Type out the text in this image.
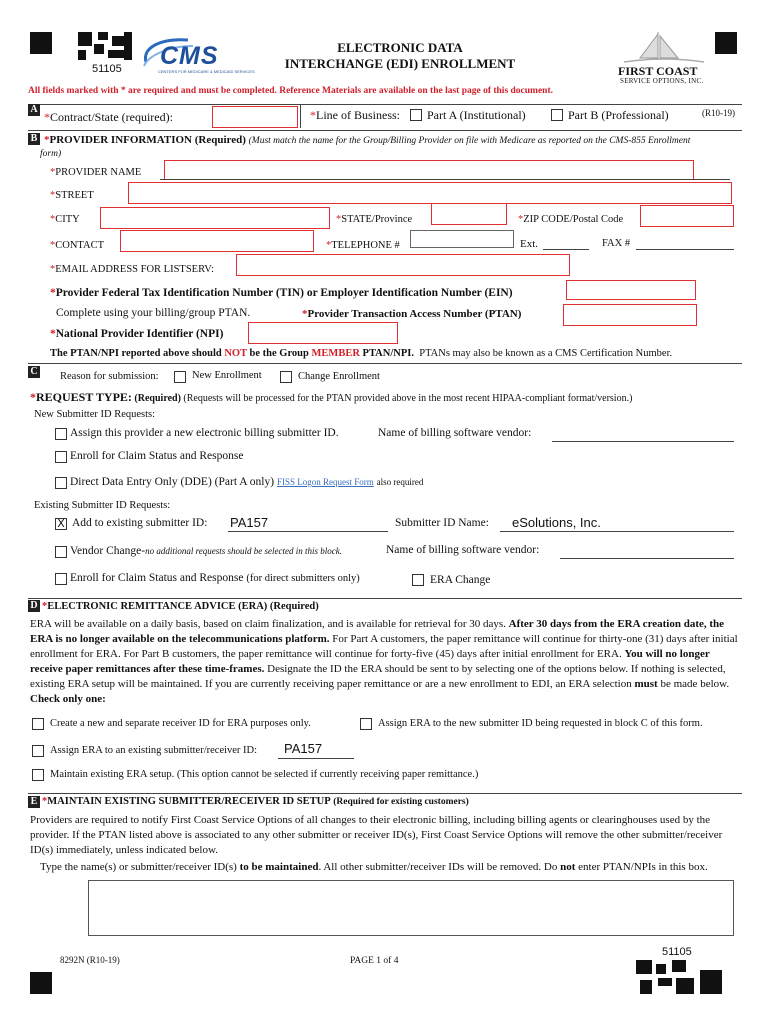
51105 CMS
CENTERS FOR MEDICARE & MEDICAID SERVICES
ELECTRONIC DATA
INTERCHANGE (EDI) ENROLLMENT	FIRST COAST
SERVICE OPTIONS, INC.
All fields marked with * are required and must be completed. Reference Materials are available on the last page of this document.
A
*Contract/State (required):	*Line of Business: Part A (Institutional)	Part B (Professional)	(R10-19)
B *PROVIDER INFORMATION (Required) (Must match the name for the Group/Billing Provider on file with Medicare as reported on the CMS-855 Enrollment
form)
*PROVIDER NAME
*STREET
*CITY	*STATE/Province	*ZIP CODE/Postal Code
*CONTACT	*TELEPHONE #	Ext.	FAX #
*EMAIL ADDRESS FOR LISTSERV:
*Provider Federal Tax Identification Number (TIN) or Employer Identification Number (EIN)
Complete using your billing/group PTAN.	*Provider Transaction Access Number (PTAN)
*National Provider Identifier (NPI)
The PTAN/NPI reported above should NOT be the Group MEMBER PTAN/NPI. PTANs may also be known as a CMS Certification Number.
C Reason for submission:	New Enrollment	Change Enrollment
*REQUEST TYPE: (Required) (Requests will be processed for the PTAN provided above in the most recent HIPAA-compliant format/version.)
New Submitter ID Requests:
Assign this provider a new electronic billing submitter ID.	Name of billing software vendor:
Enroll for Claim Status and Response
Direct Data Entry Only (DDE) (Part A only) FISS Logon Request Form also required
Existing Submitter ID Requests:
X Add to existing submitter ID: PA157	Submitter ID Name: eSolutions, Inc.
Vendor Change-no additional requests should be selected in this block.	Name of billing software vendor:
Enroll for Claim Status and Response (for direct submitters only)	ERA Change
D *ELECTRONIC REMITTANCE ADVICE (ERA) (Required)
ERA will be available on a daily basis, based on claim finalization, and is available for retrieval for 30 days. After 30 days from the ERA creation date, the ERA is no longer available on the telecommunications platform. For Part A customers, the paper remittance will continue for thirty-one (31) days after initial enrollment for ERA. For Part B customers, the paper remittance will continue for forty-five (45) days after initial enrollment for ERA. You will no longer receive paper remittances after these time-frames. Designate the ID the ERA should be sent to by selecting one of the options below. If nothing is selected, existing ERA setup will be maintained. If you are currently receiving paper remittance or are a new enrollment to EDI, an ERA selection must be made below. Check only one:
Create a new and separate receiver ID for ERA purposes only.	Assign ERA to the new submitter ID being requested in block C of this form.
Assign ERA to an existing submitter/receiver ID: PA157
Maintain existing ERA setup. (This option cannot be selected if currently receiving paper remittance.)
E *MAINTAIN EXISTING SUBMITTER/RECEIVER ID SETUP (Required for existing customers)
Providers are required to notify First Coast Service Options of all changes to their electronic billing, including billing agents or clearinghouses used by the provider. If the PTAN listed above is associated to any other submitter or receiver ID(s), First Coast Service Options will remove the other submitter/receiver ID(s) immediately, unless indicated below.
Type the name(s) or submitter/receiver ID(s) to be maintained. All other submitter/receiver IDs will be removed. Do not enter PTAN/NPIs in this box.
8292N (R10-19)	PAGE 1 of 4
51105
